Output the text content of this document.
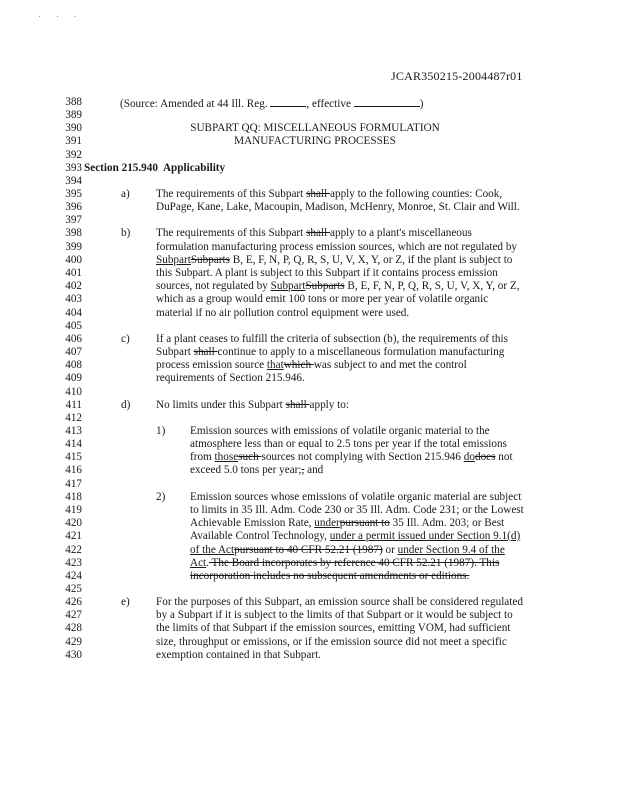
· · ·
JCAR350215-2004487r01
388
389
390
391
392
393
394
395
396
397
398
399
400
401
402
403
404
405
406
407
408
409
410
411
412
413
414
415
416
417
418
419
420
421
422
423
424
425
426
427
428
429
430
(Source: Amended at 44 Ill. Reg.	, effective	)
SUBPART QQ: MISCELLANEOUS FORMULATION
MANUFACTURING PROCESSES
Section 215.940 Applicability
a) The requirements of this Subpart shall apply to the following counties: Cook,
DuPage, Kane, Lake, Macoupin, Madison, McHenry, Monroe, St. Clair and Will.
b) The requirements of this Subpart shall apply to a plant's miscellaneous
formulation manufacturing process emission sources, which are not regulated by
SubpartSubparts B, E, F, N, P, Q, R, S, U, V, X, Y, or Z, if the plant is subject to
this Subpart. A plant is subject to this Subpart if it contains process emission
sources, not regulated by SubpartSubparts B, E, F, N, P, Q, R, S, U, V, X, Y, or Z,
which as a group would emit 100 tons or more per year of volatile organic
material if no air pollution control equipment were used.
c) If a plant ceases to fulfill the criteria of subsection (b), the requirements of this
Subpart shall continue to apply to a miscellaneous formulation manufacturing
process emission source thatwhich was subject to and met the control
requirements of Section 215.946.
d) No limits under this Subpart shall apply to:
1) Emission sources with emissions of volatile organic material to the
atmosphere less than or equal to 2.5 tons per year if the total emissions
from thosesuch sources not complying with Section 215.946 dodoes not
exceed 5.0 tons per year;, and
2) Emission sources whose emissions of volatile organic material are subject
to limits in 35 Ill. Adm. Code 230 or 35 Ill. Adm. Code 231; or the Lowest
Achievable Emission Rate, underpursuant to 35 Ill. Adm. 203; or Best
Available Control Technology, under a permit issued under Section 9.1(d)
of the Actpursuant to 40 CFR 52.21 (1987) or under Section 9.4 of the
Act. The Board incorporates by reference 40 CFR 52.21 (1987). This
incorporation includes no subsequent amendments or editions.
e) For the purposes of this Subpart, an emission source shall be considered regulated
by a Subpart if it is subject to the limits of that Subpart or it would be subject to
the limits of that Subpart if the emission sources, emitting VOM, had sufficient
size, throughput or emissions, or if the emission source did not meet a specific
exemption contained in that Subpart.
